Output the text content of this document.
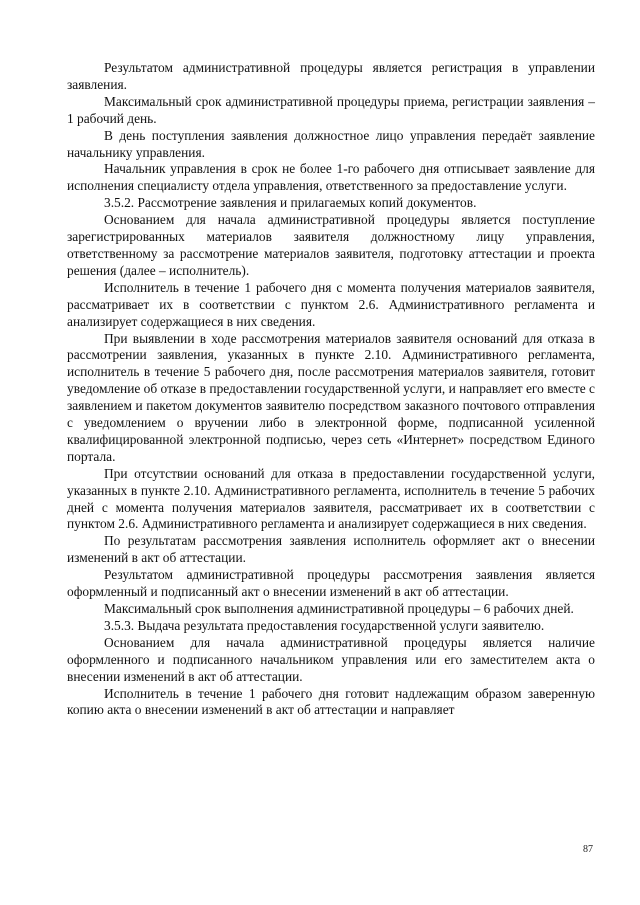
Результатом административной процедуры является регистрация в управлении заявления.

Максимальный срок административной процедуры приема, регистрации заявления – 1 рабочий день.

В день поступления заявления должностное лицо управления передаёт заявление начальнику управления.

Начальник управления в срок не более 1-го рабочего дня отписывает заявление для исполнения специалисту отдела управления, ответственного за предоставление услуги.

3.5.2. Рассмотрение заявления и прилагаемых копий документов.

Основанием для начала административной процедуры является поступление зарегистрированных материалов заявителя должностному лицу управления, ответственному за рассмотрение материалов заявителя, подготовку аттестации и проекта решения (далее – исполнитель).

Исполнитель в течение 1 рабочего дня с момента получения материалов заявителя, рассматривает их в соответствии с пунктом 2.6. Административного регламента и анализирует содержащиеся в них сведения.

При выявлении в ходе рассмотрения материалов заявителя оснований для отказа в рассмотрении заявления, указанных в пункте 2.10. Административного регламента, исполнитель в течение 5 рабочего дня, после рассмотрения материалов заявителя, готовит уведомление об отказе в предоставлении государственной услуги, и направляет его вместе с заявлением и пакетом документов заявителю посредством заказного почтового отправления с уведомлением о вручении либо в электронной форме, подписанной усиленной квалифицированной электронной подписью, через сеть «Интернет» посредством Единого портала.

При отсутствии оснований для отказа в предоставлении государственной услуги, указанных в пункте 2.10. Административного регламента, исполнитель в течение 5 рабочих дней с момента получения материалов заявителя, рассматривает их в соответствии с пунктом 2.6. Административного регламента и анализирует содержащиеся в них сведения.

По результатам рассмотрения заявления исполнитель оформляет акт о внесении изменений в акт об аттестации.

Результатом административной процедуры рассмотрения заявления является оформленный и подписанный акт о внесении изменений в акт об аттестации.

Максимальный срок выполнения административной процедуры – 6 рабочих дней.

3.5.3. Выдача результата предоставления государственной услуги заявителю.

Основанием для начала административной процедуры является наличие оформленного и подписанного начальником управления или его заместителем акта о внесении изменений в акт об аттестации.

Исполнитель в течение 1 рабочего дня готовит надлежащим образом заверенную копию акта о внесении изменений в акт об аттестации и направляет

87
